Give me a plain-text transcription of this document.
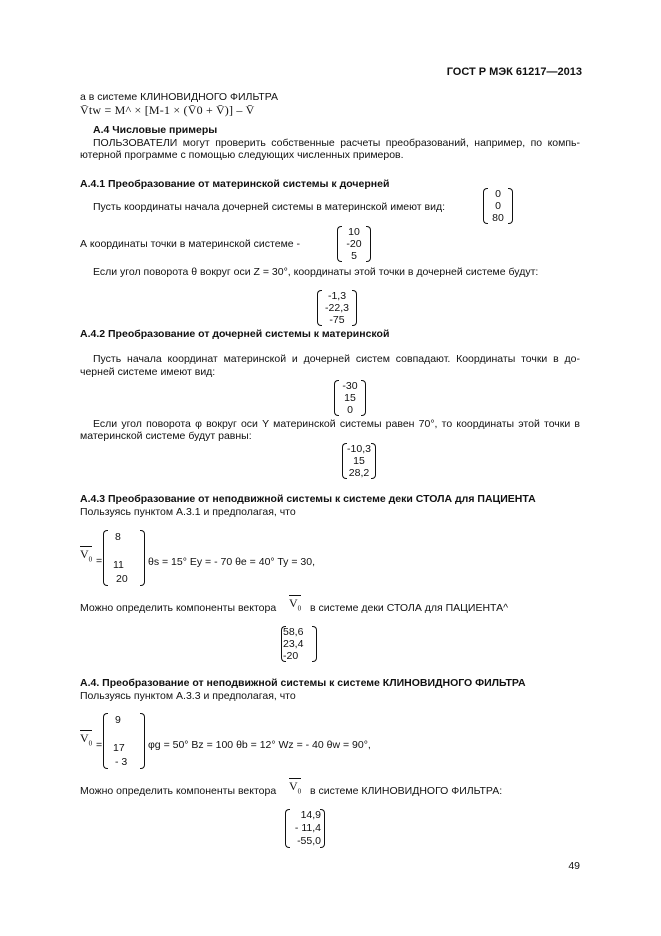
ГОСТ Р МЭК 61217—2013
а в системе КЛИНОВИДНОГО ФИЛЬТРА
V̄tw = M^ × [M-1 × (V̄0 + V̄)] – V̄
А.4 Числовые примеры
ПОЛЬЗОВАТЕЛИ могут проверить собственные расчеты преобразований, например, по компь-
ютерной программе с помощью следующих численных примеров.
А.4.1 Преобразование от материнской системы к дочерней
Пусть координаты начала дочерней системы в материнской имеют вид:
0
0
80
А координаты точки в материнской системе -
10
-20
5
Если угол поворота θ вокруг оси Z = 30°, координаты этой точки в дочерней системе будут:
-1,3
-22,3
-75
А.4.2 Преобразование от дочерней системы к материнской
Пусть начала координат материнской и дочерней систем совпадают. Координаты точки в до-
черней системе имеют вид:
-30
15
0
Если угол поворота φ вокруг оси Y материнской системы равен 70°, то координаты этой точки в
материнской системе будут равны:
-10,3
15
28,2
А.4.3 Преобразование от неподвижной системы к системе деки СТОЛА для ПАЦИЕНТА
Пользуясь пунктом А.3.1 и предполагая, что
$V_0$ =
8

11
20
θs = 15° Ey = - 70 θe = 40° Ty = 30,
Можно определить компоненты вектора $V_0$ в системе деки СТОЛА для ПАЦИЕНТА^
58,6
23,4
-20
А.4. Преобразование от неподвижной системы к системе КЛИНОВИДНОГО ФИЛЬТРА
Пользуясь пунктом А.3.3 и предполагая, что
$V_0$ =
9

17
- 3
φg = 50° Bz = 100 θb = 12° Wz = - 40 θw = 90°,
Можно определить компоненты вектора $V_0$ в системе КЛИНОВИДНОГО ФИЛЬТРА:
14,9
- 11,4
-55,0
49
